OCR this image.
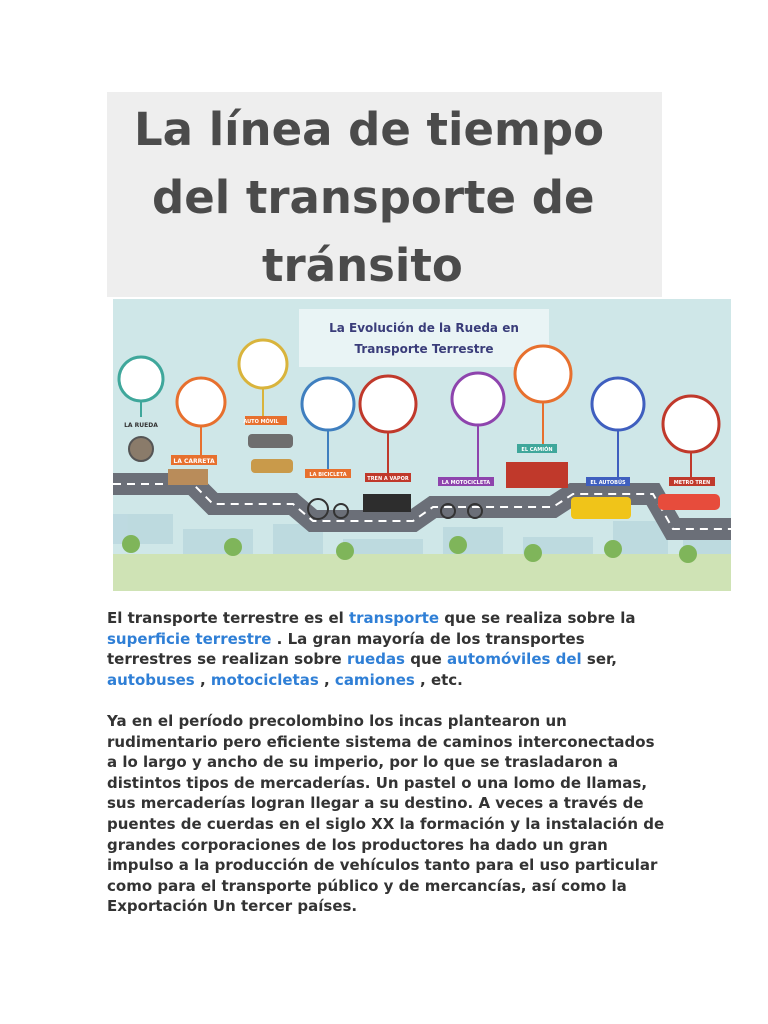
La línea de tiempo
del transporte de
tránsito
La Evolución de la Rueda en
Transporte Terrestre
LA RUEDA
LA CARRETA
AUTO MÓVIL
LA BICICLETA
TREN A VAPOR
LA MOTOCICLETA
EL CAMIÓN
EL AUTOBÚS	METRO TREN

El transporte terrestre es el transporte que se realiza sobre la superficie terrestre . La gran mayoría de los transportes terrestres se realizan sobre ruedas que automóviles del ser, autobuses , motocicletas , camiones , etc.

Ya en el período precolombino los incas plantearon un rudimentario pero eficiente sistema de caminos interconectados a lo largo y ancho de su imperio, por lo que se trasladaron a distintos tipos de mercaderías. Un pastel o una lomo de llamas, sus mercaderías logran llegar a su destino. A veces a través de puentes de cuerdas en el siglo XX la formación y la instalación de grandes corporaciones de los productores ha dado un gran impulso a la producción de vehículos tanto para el uso particular como para el transporte público y de mercancías, así como la Exportación Un tercer países.
